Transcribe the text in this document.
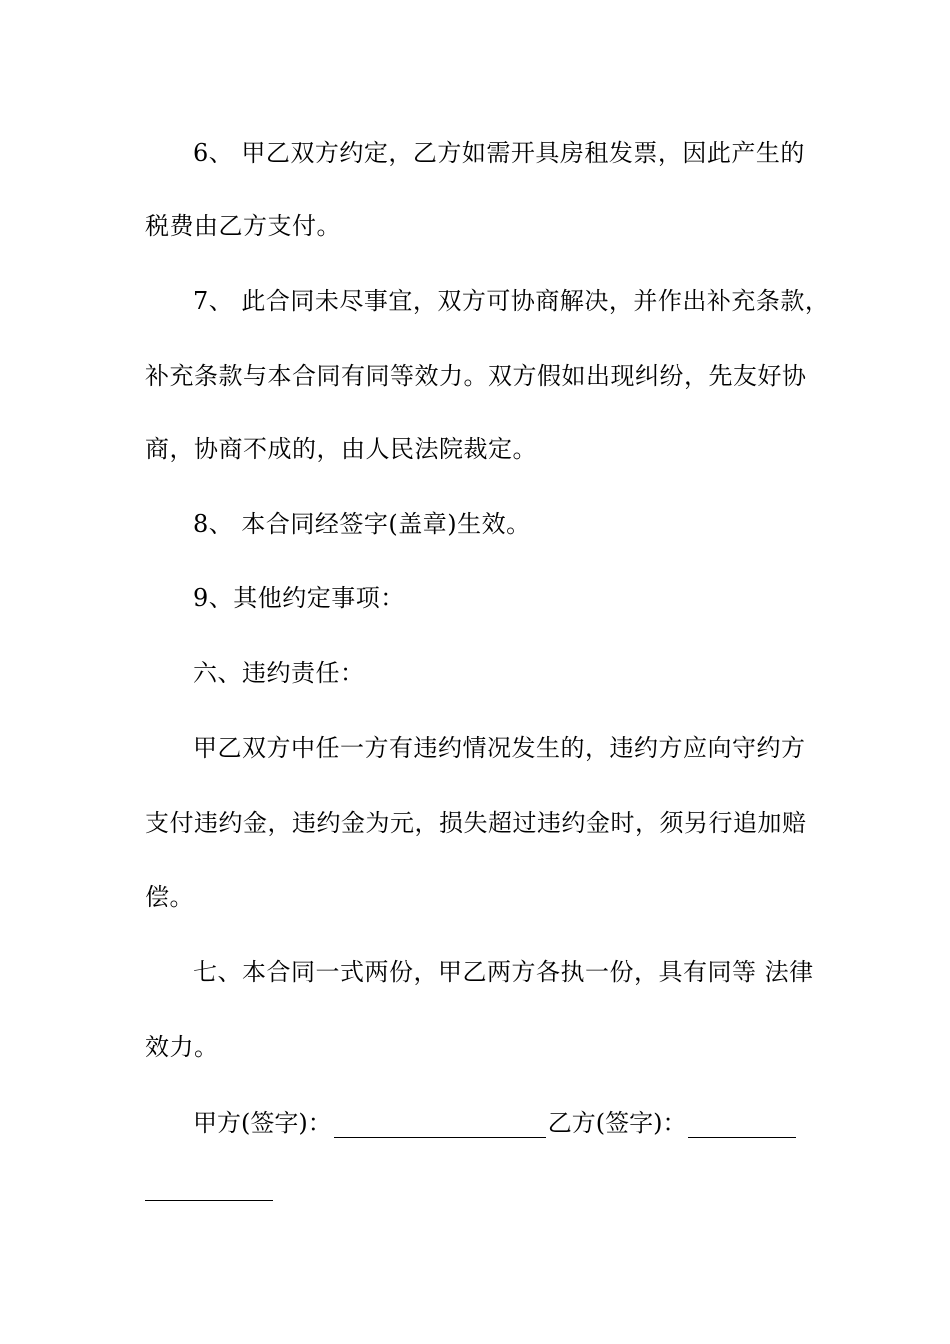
6、 甲乙双方约定，乙方如需开具房租发票，因此产生的
税费由乙方支付。
7、 此合同未尽事宜，双方可协商解决，并作出补充条款，
补充条款与本合同有同等效力。双方假如出现纠纷，先友好协
商，协商不成的，由人民法院裁定。
8、 本合同经签字(盖章)生效。
9、其他约定事项：
六、违约责任：
甲乙双方中任一方有违约情况发生的，违约方应向守约方
支付违约金，违约金为元，损失超过违约金时，须另行追加赔
偿。
七、本合同一式两份，甲乙两方各执一份，具有同等 法律
效力。
甲方(签字)：	乙方(签字)：
